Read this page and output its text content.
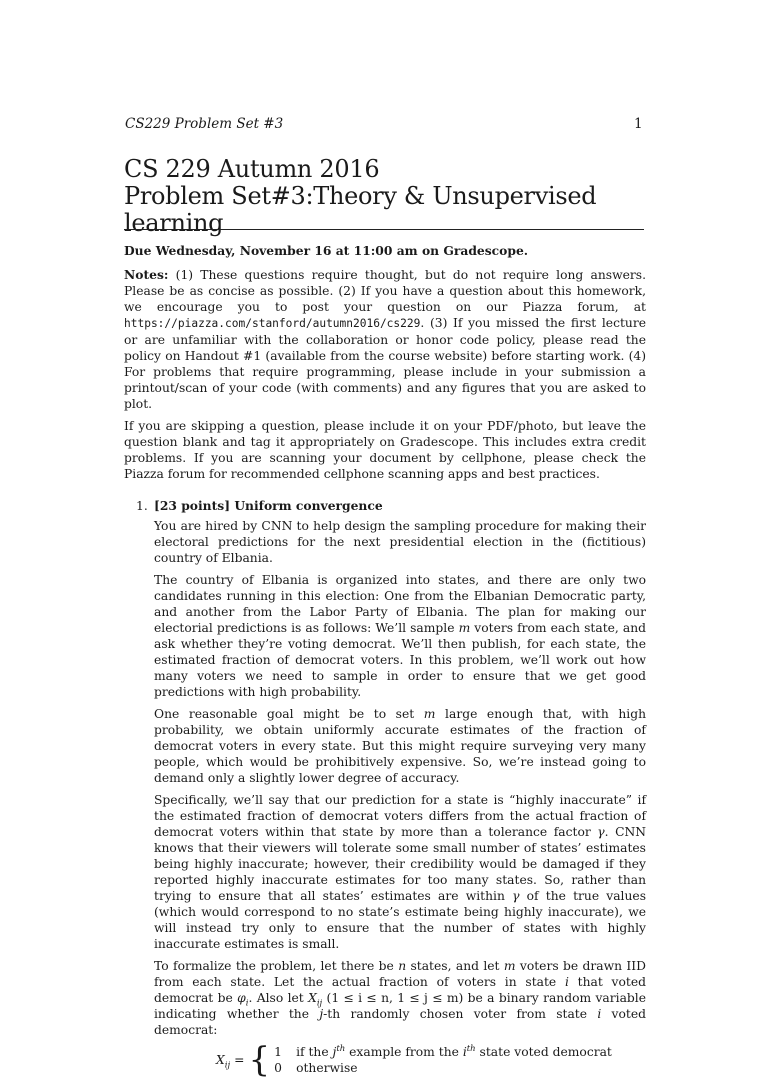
CS229 Problem Set #3	1
CS 229 Autumn 2016
Problem Set#3:Theory & Unsupervised learning

Due Wednesday, November 16 at 11:00 am on Gradescope.

Notes: (1) These questions require thought, but do not require long answers. Please be as concise as possible. (2) If you have a question about this homework, we encourage you to post your question on our Piazza forum, at https://piazza.com/stanford/autumn2016/cs229. (3) If you missed the first lecture or are unfamiliar with the collaboration or honor code policy, please read the policy on Handout #1 (available from the course website) before starting work. (4) For problems that require programming, please include in your submission a printout/scan of your code (with comments) and any figures that you are asked to plot.

If you are skipping a question, please include it on your PDF/photo, but leave the question blank and tag it appropriately on Gradescope. This includes extra credit problems. If you are scanning your document by cellphone, please check the Piazza forum for recommended cellphone scanning apps and best practices.

1. [23 points] Uniform convergence

You are hired by CNN to help design the sampling procedure for making their electoral predictions for the next presidential election in the (fictitious) country of Elbania.

The country of Elbania is organized into states, and there are only two candidates running in this election: One from the Elbanian Democratic party, and another from the Labor Party of Elbania. The plan for making our electorial predictions is as follows: We’ll sample m voters from each state, and ask whether they’re voting democrat. We’ll then publish, for each state, the estimated fraction of democrat voters. In this problem, we’ll work out how many voters we need to sample in order to ensure that we get good predictions with high probability.

One reasonable goal might be to set m large enough that, with high probability, we obtain uniformly accurate estimates of the fraction of democrat voters in every state. But this might require surveying very many people, which would be prohibitively expensive. So, we’re instead going to demand only a slightly lower degree of accuracy.

Specifically, we’ll say that our prediction for a state is “highly inaccurate” if the estimated fraction of democrat voters differs from the actual fraction of democrat voters within that state by more than a tolerance factor γ. CNN knows that their viewers will tolerate some small number of states’ estimates being highly inaccurate; however, their credibility would be damaged if they reported highly inaccurate estimates for too many states. So, rather than trying to ensure that all states’ estimates are within γ of the true values (which would correspond to no state’s estimate being highly inaccurate), we will instead try only to ensure that the number of states with highly inaccurate estimates is small.

To formalize the problem, let there be n states, and let m voters be drawn IID from each state. Let the actual fraction of voters in state i that voted democrat be $\varphi_i$. Also let $X_{ij}$ (1 ≤ i ≤ n, 1 ≤ j ≤ m) be a binary random variable indicating whether the j-th randomly chosen voter from state i voted democrat:

$X_{ij}$ = { 1	if the $j^{th}$ example from the $i^{th}$ state voted democrat
0	otherwise
